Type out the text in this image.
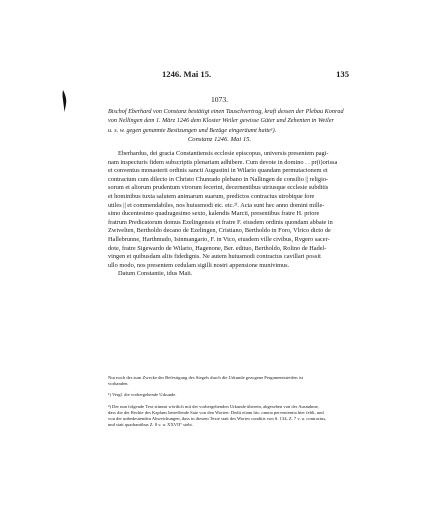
1246. Mai 15.	135
1073.
Bischof Eberhard von Constanz bestätigt einen Tauschvertrag, kraft dessen der Plebau Konrad
von Nellingen dem 1. März 1246 dem Kloster Weiler gewisse Güter und Zehenten in Weiler
u. s. w. gegen genannte Besitzungen und Bezüge eingeräumt hatte¹).
Constanz 1246. Mai 15.
Eberhardus, dei gracia Constantiensis ecclesie episcopus, universis presentem pagi-
nam inspecturis fidem subscriptis plenariam adhibere. Cum devote in domino . . pr(i)orissa
et conventus monasterii ordinis sancti Augustini in Wilario quandam permutacionem et
contractum cum dilecto in Christo Chunrado plebano in Nallingen de consilio || religio-
sorum et aliorum prudentum virorum fecerint, decernentibus utriusque ecclesie subditis
et hominibus tuxta salutem animarum suarum, predictos contractus utrobique fore
utiles || et commendabiles, nos huiusmodi etc. etc.²⁾. Acta sunt hec anno domini mille-
simo ducentesimo quadragesimo sexto, kalendis Marcii, presentibus fratre H. priore
fratrum Predicatorum domus Ezelingensis et fratre F. eiusdem ordinis quondam abbate in
Zwivelten, Bertholdo decano de Ezelingen, Cristiano, Bertholdo in Foro, Vlrico dicto de
Hallebrunne, Harthmudo, Isinmangario, F. in Vico, eiusdem ville civibus, Rvgero sacer-
dote, fratre Sigewardo de Wilario, Hagenone, Ber. edituo, Bertholdo, Rolino de Hadel-
vingen et quibusdam aliis fidedignis. Ne autem huiusmodi contractus cavillari possit
ullo modo, nos presentem cedulam sigilli nostri appensione munivimus.
Datum Constantie, idus Maii.
Nur noch der zum Zwecke der Befestigung des Siegels durch die Urkunde gezogene Pergamentstreifen ist
vorhanden.
¹) Vergl. die vorhergehende Urkunde.
²) Der nun folgende Text stimmt wörtlich mit der vorhergehenden Urkunde überein, abgesehen von der Ausnahme,
dass die der Rechte des Kaplans betreffende Satz von den Worten: Dedit etiam his: omnia pervenientia hier fehlt, und
von der unbedeutenden Abweichungen, dass in diesem Texte statt des Wortes conditis von S. 134, Z. 7 v. u. contractus,
und statt quadrantibus Z. 8 v. u. XXVII° steht.
